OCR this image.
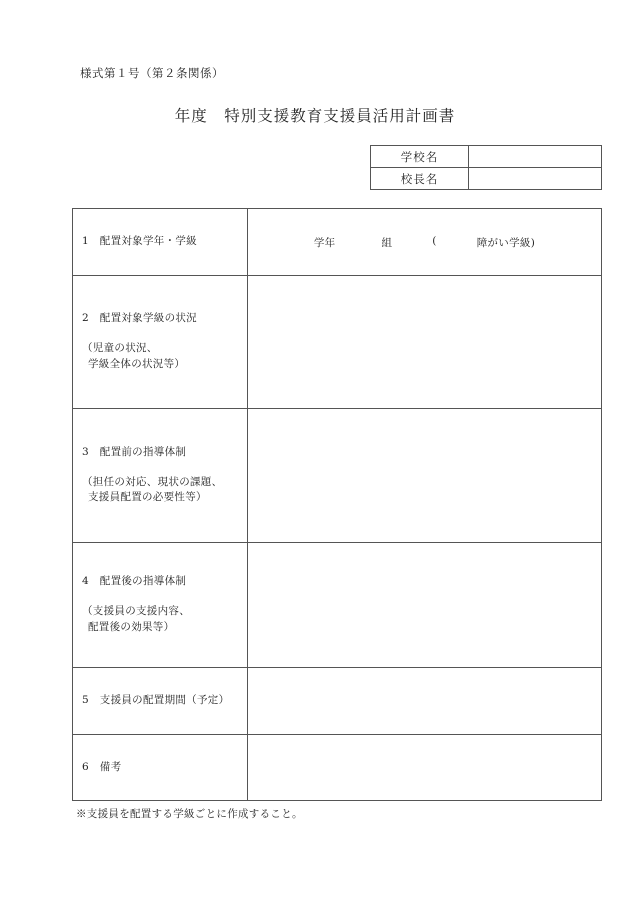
様式第１号（第２条関係）
年度　特別支援教育支援員活用計画書
学校名	
校長名	
1　配置対象学年・学級	学年 組 ( 障がい学級)

2　配置対象学級の状況
（児童の状況、
学級全体の状況等）	

3　配置前の指導体制
（担任の対応、現状の課題、
支援員配置の必要性等）	

4　配置後の指導体制
（支援員の支援内容、
配置後の効果等）	

5　支援員の配置期間（予定）	
6　備考	
※支援員を配置する学級ごとに作成すること。
